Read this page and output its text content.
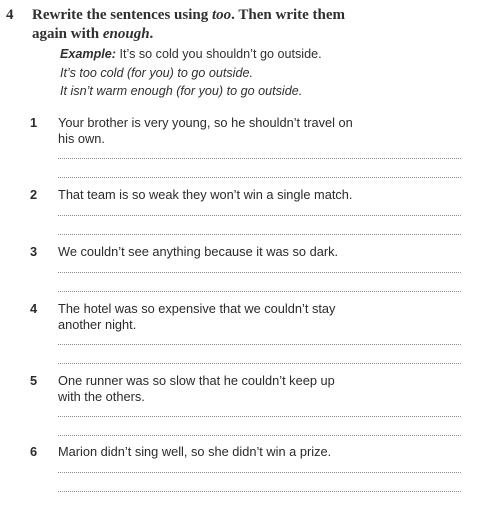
4 Rewrite the sentences using too. Then write them
again with enough.
Example: It’s so cold you shouldn’t go outside.
It’s too cold (for you) to go outside.
It isn’t warm enough (for you) to go outside.
1 Your brother is very young, so he shouldn’t travel on
his own.
2 That team is so weak they won’t win a single match.
3 We couldn’t see anything because it was so dark.
4 The hotel was so expensive that we couldn’t stay
another night.
5 One runner was so slow that he couldn’t keep up
with the others.
6 Marion didn’t sing well, so she didn’t win a prize.
